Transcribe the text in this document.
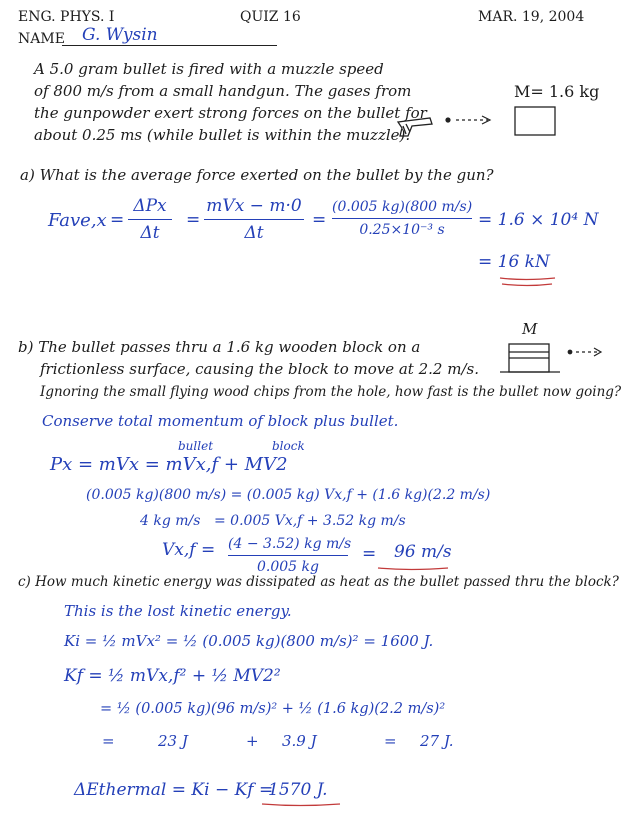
ENG. PHYS. I	QUIZ 16	MAR. 19, 2004
NAME G. Wysin
A 5.0 gram bullet is fired with a muzzle speed
of 800 m/s from a small handgun. The gases from
the gunpowder exert strong forces on the bullet for
about 0.25 ms (while bullet is within the muzzle).
M= 1.6 kg
a) What is the average force exerted on the bullet by the gun?
Fave,x =
ΔPx
Δt
=
mVx − m·0
Δt
=
(0.005 kg)(800 m/s)
0.25×10⁻³ s	= 1.6 × 10⁴ N
= 16 kN
M
b) The bullet passes thru a 1.6 kg wooden block on a
frictionless surface, causing the block to move at 2.2 m/s.
Ignoring the small flying wood chips from the hole, how fast is the bullet now going?
Conserve total momentum of block plus bullet.
bullet	block
Px = mVx = mVx,f + MV2
(0.005 kg)(800 m/s) = (0.005 kg) Vx,f + (1.6 kg)(2.2 m/s)
4 kg m/s = 0.005 Vx,f + 3.52 kg m/s
Vx,f = (4 − 3.52) kg m/s
0.005 kg
= 96 m/s
c) How much kinetic energy was dissipated as heat as the bullet passed thru the block?
This is the lost kinetic energy.
Ki = ½ mVx² = ½ (0.005 kg)(800 m/s)² = 1600 J.
Kf = ½ mVx,f² + ½ MV2²
= ½ (0.005 kg)(96 m/s)² + ½ (1.6 kg)(2.2 m/s)²
=	23 J	+ 3.9 J	= 27 J.
ΔEthermal = Ki − Kf =
1570 J.
